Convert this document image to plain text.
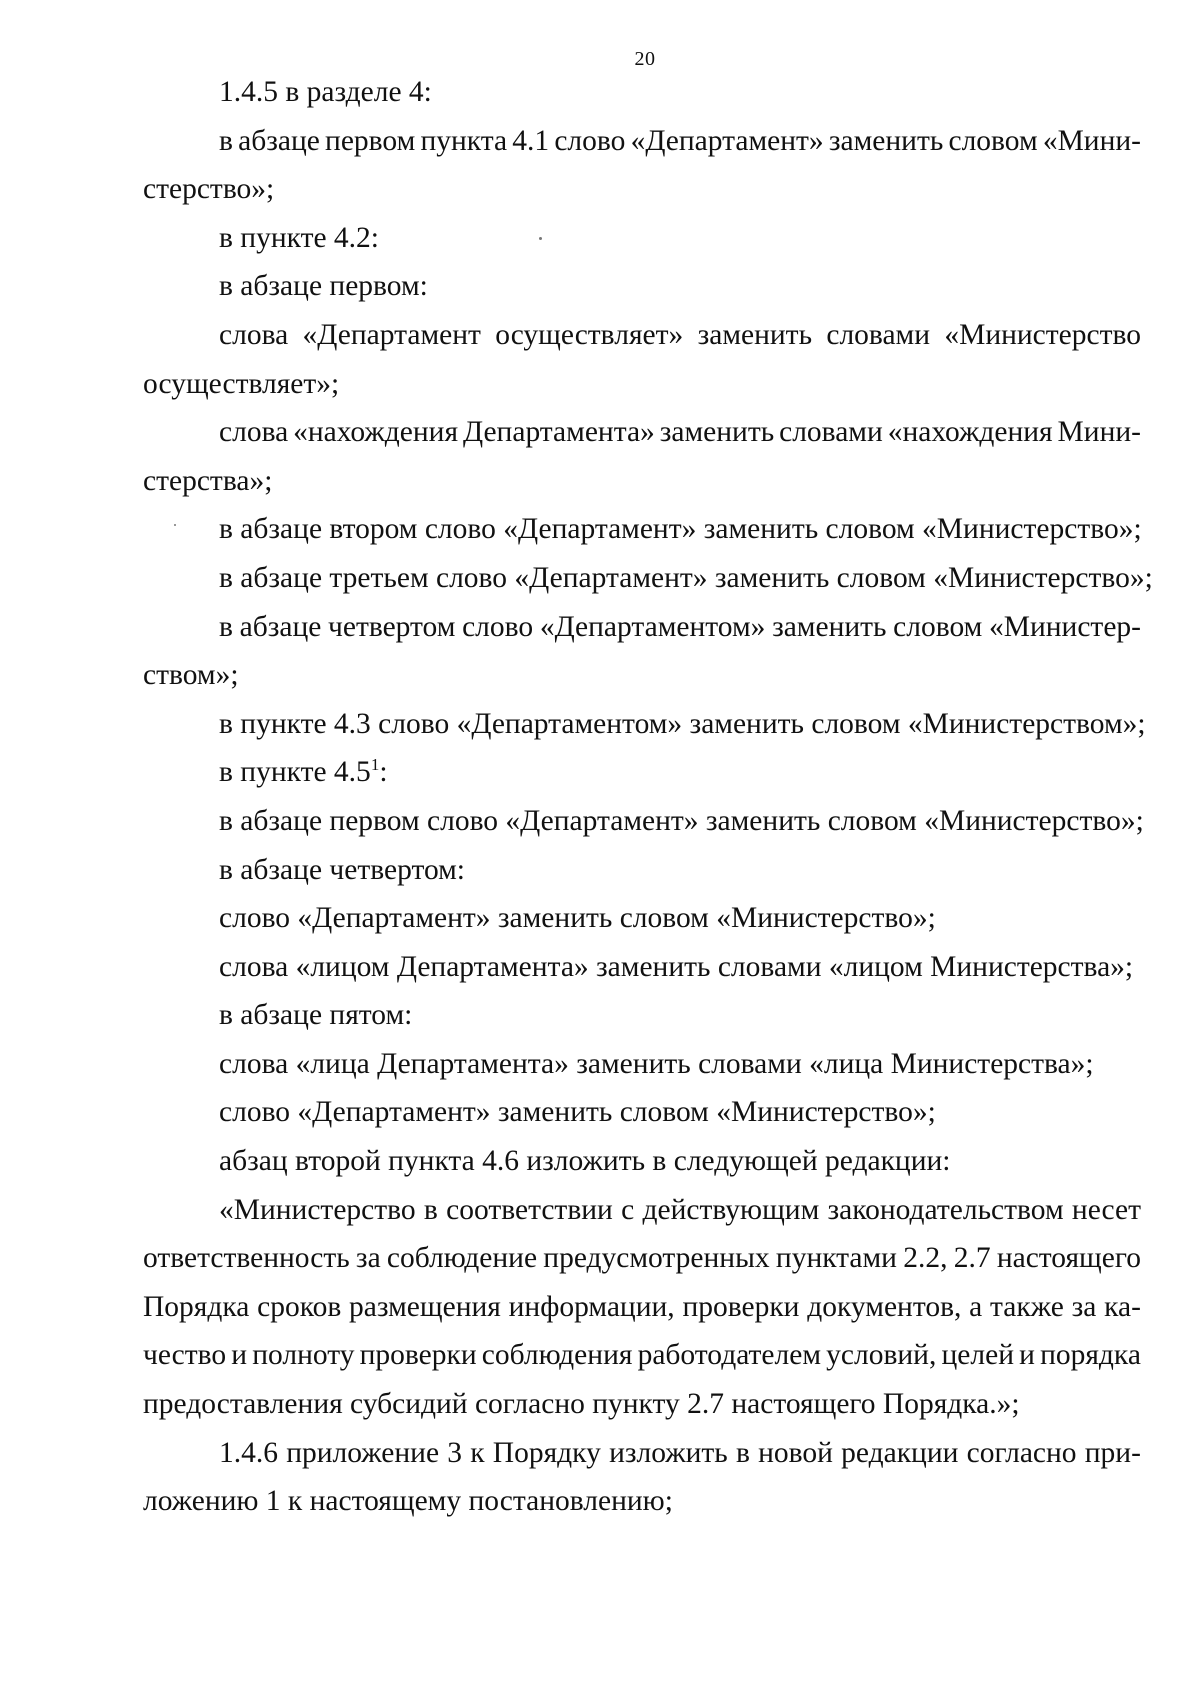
20
1.4.5 в разделе 4:
в абзаце первом пункта 4.1 слово «Департамент» заменить словом «Мини-
стерство»;
в пункте 4.2:
в абзаце первом:
слова «Департамент осуществляет» заменить словами «Министерство
осуществляет»;
слова «нахождения Департамента» заменить словами «нахождения Мини-
стерства»;
в абзаце втором слово «Департамент» заменить словом «Министерство»;
в абзаце третьем слово «Департамент» заменить словом «Министерство»;
в абзаце четвертом слово «Департаментом» заменить словом «Министер-
ством»;
в пункте 4.3 слово «Департаментом» заменить словом «Министерством»;
в пункте $4.5^1$:
в абзаце первом слово «Департамент» заменить словом «Министерство»;
в абзаце четвертом:
слово «Департамент» заменить словом «Министерство»;
слова «лицом Департамента» заменить словами «лицом Министерства»;
в абзаце пятом:
слова «лица Департамента» заменить словами «лица Министерства»;
слово «Департамент» заменить словом «Министерство»;
абзац второй пункта 4.6 изложить в следующей редакции:
«Министерство в соответствии с действующим законодательством несет
ответственность за соблюдение предусмотренных пунктами 2.2, 2.7 настоящего
Порядка сроков размещения информации, проверки документов, а также за ка-
чество и полноту проверки соблюдения работодателем условий, целей и порядка
предоставления субсидий согласно пункту 2.7 настоящего Порядка.»;
1.4.6 приложение 3 к Порядку изложить в новой редакции согласно при-
ложению 1 к настоящему постановлению;
